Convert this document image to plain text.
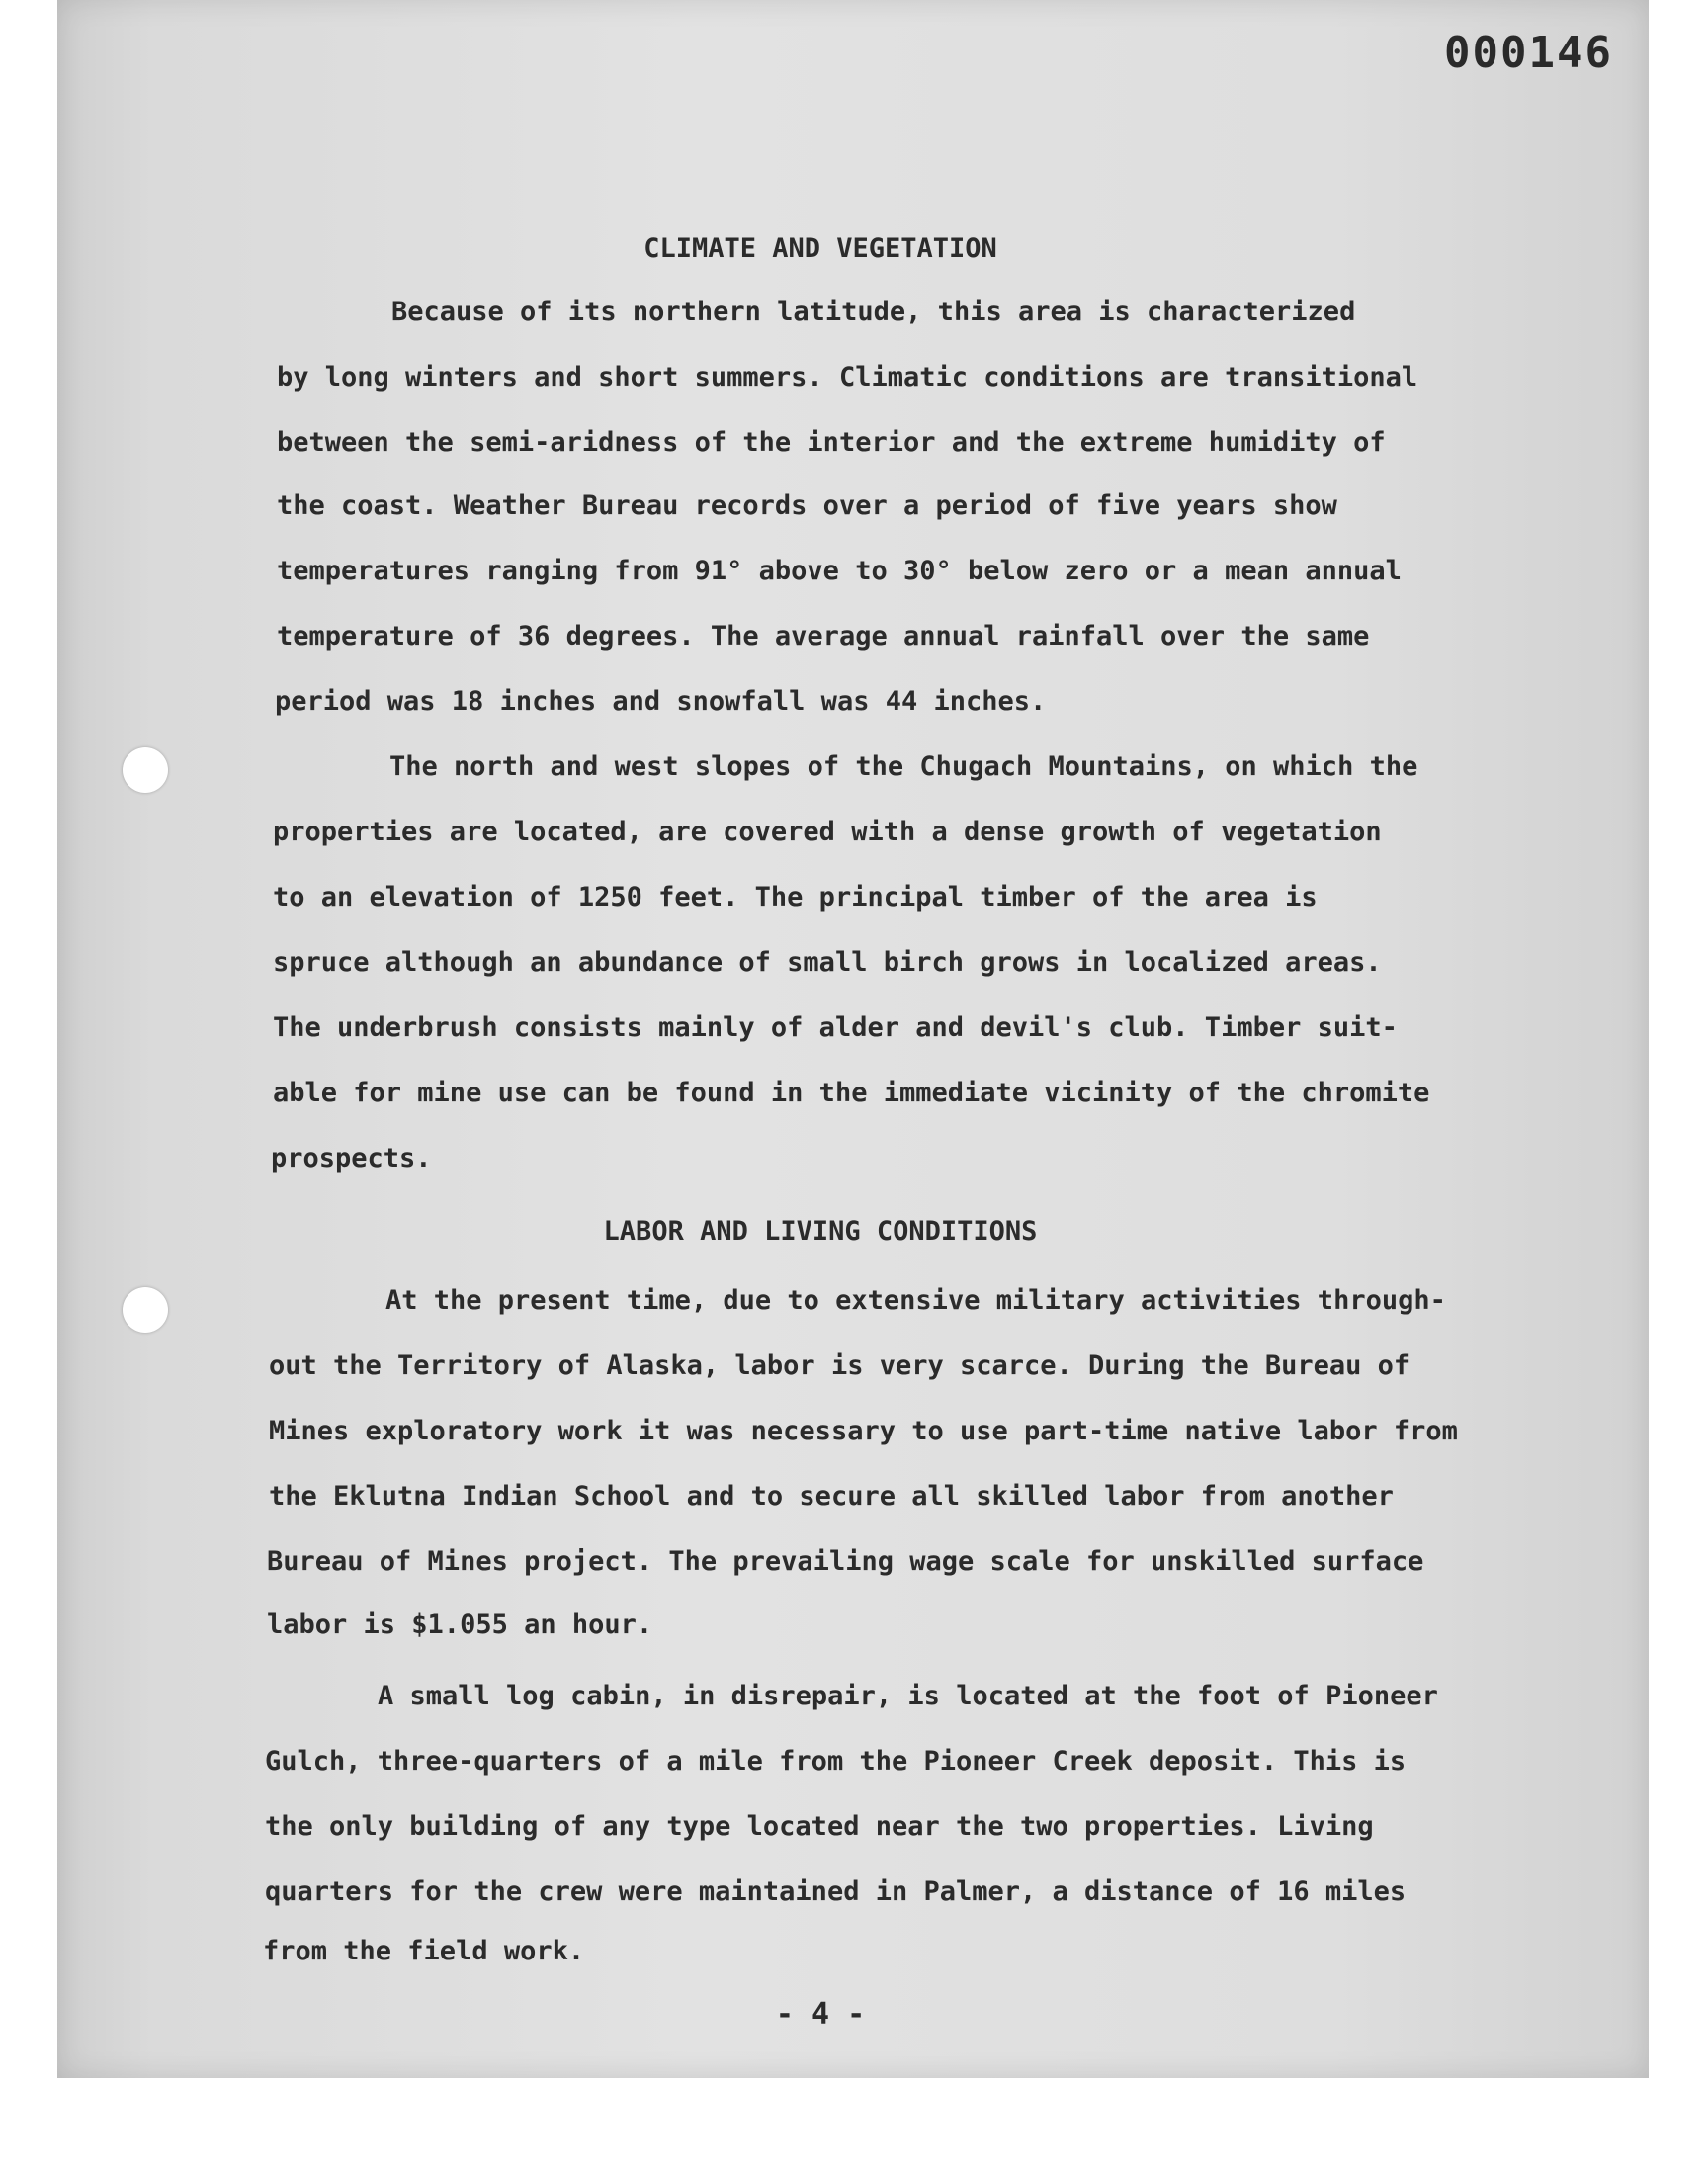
000146
CLIMATE AND VEGETATION
Because of its northern latitude, this area is characterized
by long winters and short summers. Climatic conditions are transitional
between the semi-aridness of the interior and the extreme humidity of
the coast. Weather Bureau records over a period of five years show
temperatures ranging from 91° above to 30° below zero or a mean annual
temperature of 36 degrees. The average annual rainfall over the same
period was 18 inches and snowfall was 44 inches.
The north and west slopes of the Chugach Mountains, on which the
properties are located, are covered with a dense growth of vegetation
to an elevation of 1250 feet. The principal timber of the area is
spruce although an abundance of small birch grows in localized areas.
The underbrush consists mainly of alder and devil's club. Timber suit-
able for mine use can be found in the immediate vicinity of the chromite
prospects.
LABOR AND LIVING CONDITIONS
At the present time, due to extensive military activities through-
out the Territory of Alaska, labor is very scarce. During the Bureau of
Mines exploratory work it was necessary to use part-time native labor from
the Eklutna Indian School and to secure all skilled labor from another
Bureau of Mines project. The prevailing wage scale for unskilled surface
labor is $1.055 an hour.
A small log cabin, in disrepair, is located at the foot of Pioneer
Gulch, three-quarters of a mile from the Pioneer Creek deposit. This is
the only building of any type located near the two properties. Living
quarters for the crew were maintained in Palmer, a distance of 16 miles
from the field work.
- 4 -
